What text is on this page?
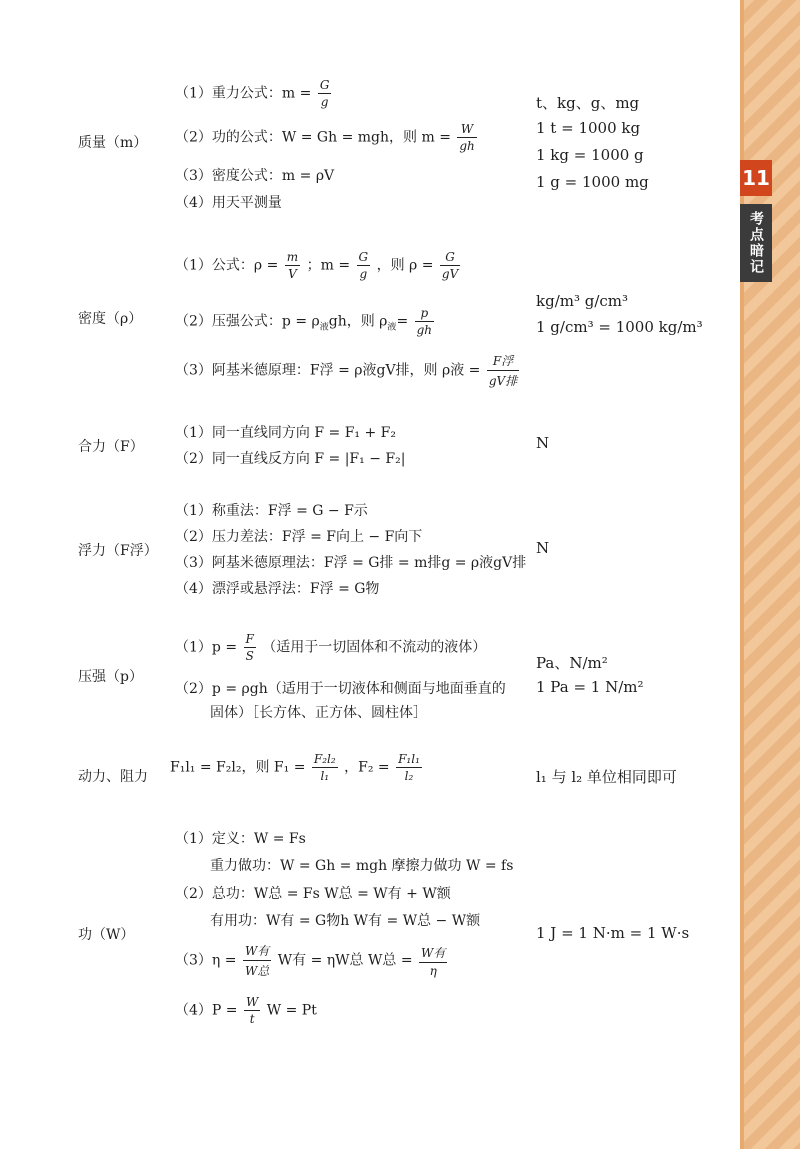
11
考点暗记
质量（m）
（1）重力公式：$m = \frac{G}{g}$
（2）功的公式：W = Gh = mgh，则 $m = \frac{W}{gh}$
（3）密度公式：m = ρV
（4）用天平测量
t、kg、g、mg
1 t = 1000 kg
1 kg = 1000 g
1 g = 1000 mg
密度（ρ）
（1）公式：$\rho = \frac{m}{V}$ ；$m = \frac{G}{g}$ ，则 $\rho = \frac{G}{gV}$
（2）压强公式：$p = \rho_液gh$，则 $\rho_液= \frac{p}{gh}$
（3）阿基米德原理：F浮 = ρ液gV排，则 ρ液 = $\frac{\text{F浮}}{\text{gV排}}$
kg/m³ g/cm³
1 g/cm³ = 1000 kg/m³
合力（F）
（1）同一直线同方向 F = F₁ + F₂
（2）同一直线反方向 F = |F₁ − F₂|
N
浮力（F浮）
（1）称重法：F浮 = G − F示
（2）压力差法：F浮 = F向上 − F向下
（3）阿基米德原理法：F浮 = G排 = m排g = ρ液gV排
（4）漂浮或悬浮法：F浮 = G物
N
压强（p）
$(1)p = \frac{F}{S}$ （适用于一切固体和不流动的液体）
（2）p = ρgh（适用于一切液体和侧面与地面垂直的
固体）［长方体、正方体、圆柱体］
Pa、N/m²
1 Pa = 1 N/m²
动力、阻力
F₁l₁ = F₂l₂，则 $F_1 = \frac{\text{F₂l₂}}{\text{l₁}}$ ，$F_2 = \frac{\text{F₁l₁}}{\text{l₂}}$	l₁ 与 l₂ 单位相同即可
功（W）
（1）定义：W = Fs
重力做功：W = Gh = mgh 摩擦力做功 W = fs
（2）总功：W总 = Fs W总 = W有 + W额
有用功：W有 = G物h W有 = W总 − W额
$(3)\eta = \frac{\text{W有}}{\text{W总}}$ W有 = ηW总 W总 = $\frac{\text{W有}}{\eta}$
$(4)P = \frac{W}{t}$ W = Pt
1 J = 1 N·m = 1 W·s
